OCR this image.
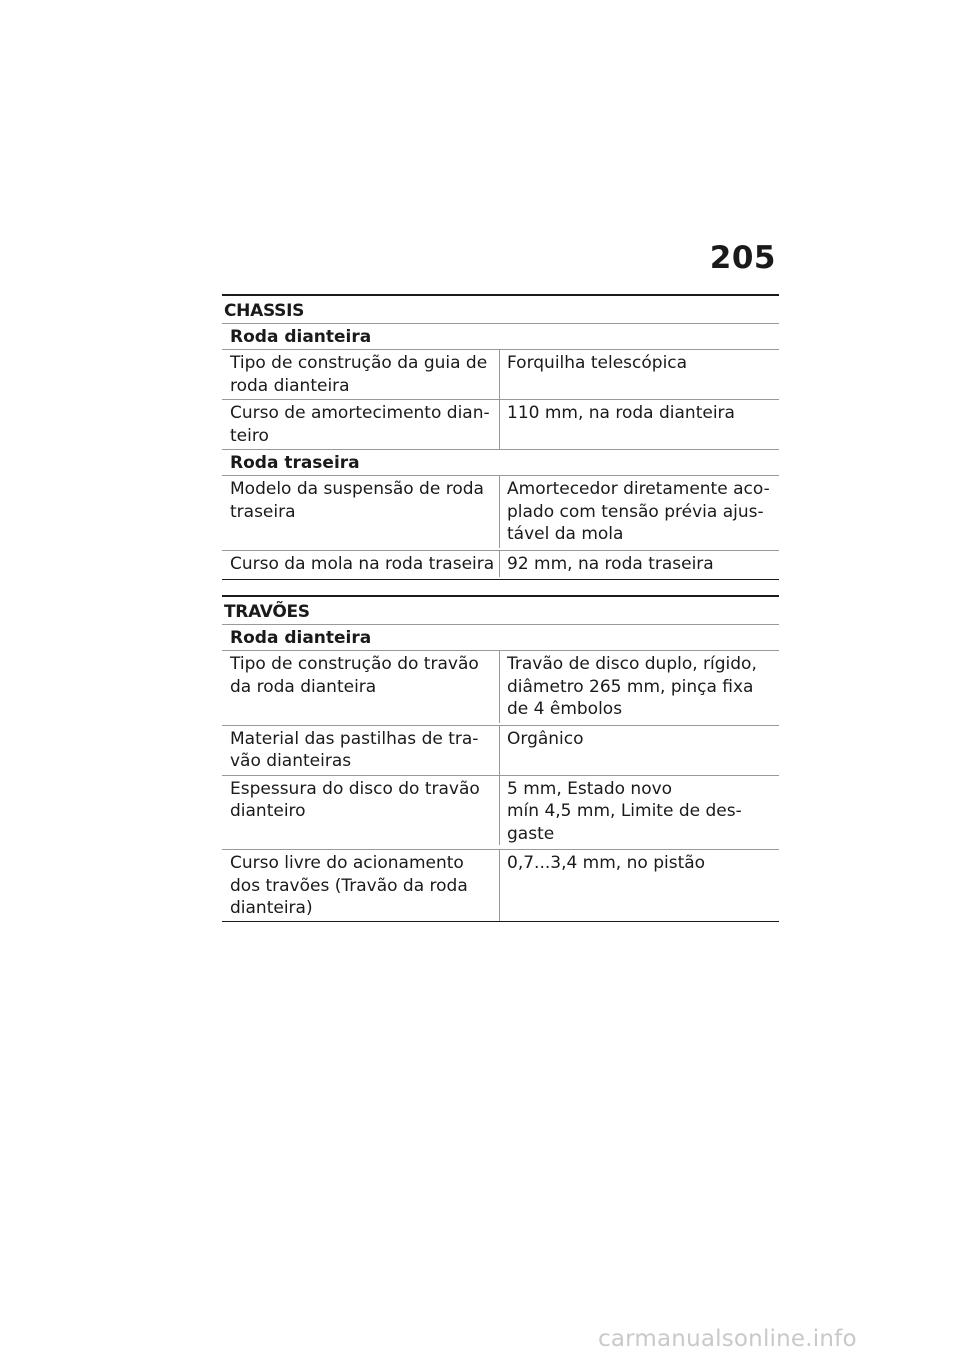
205
CHASSIS
Roda dianteira
Tipo de construção da guia de roda dianteira
Forquilha telescópica
Curso de amortecimento dian-teiro
110 mm, na roda dianteira
Roda traseira
Modelo da suspensão de roda traseira
Amortecedor diretamente aco-plado com tensão prévia ajus-tável da mola
Curso da mola na roda traseira 92 mm, na roda traseira
TRAVÕES
Roda dianteira
Tipo de construção do travão da roda dianteira
Travão de disco duplo, rígido, diâmetro 265 mm, pinça fixa de 4 êmbolos
Material das pastilhas de tra-vão dianteiras
Orgânico
Espessura do disco do travão dianteiro
5 mm, Estado novo
mín 4,5 mm, Limite de des-gaste
Curso livre do acionamento dos travões (Travão da roda dianteira)
0,7...3,4 mm, no pistão
carmanualsonline.info
